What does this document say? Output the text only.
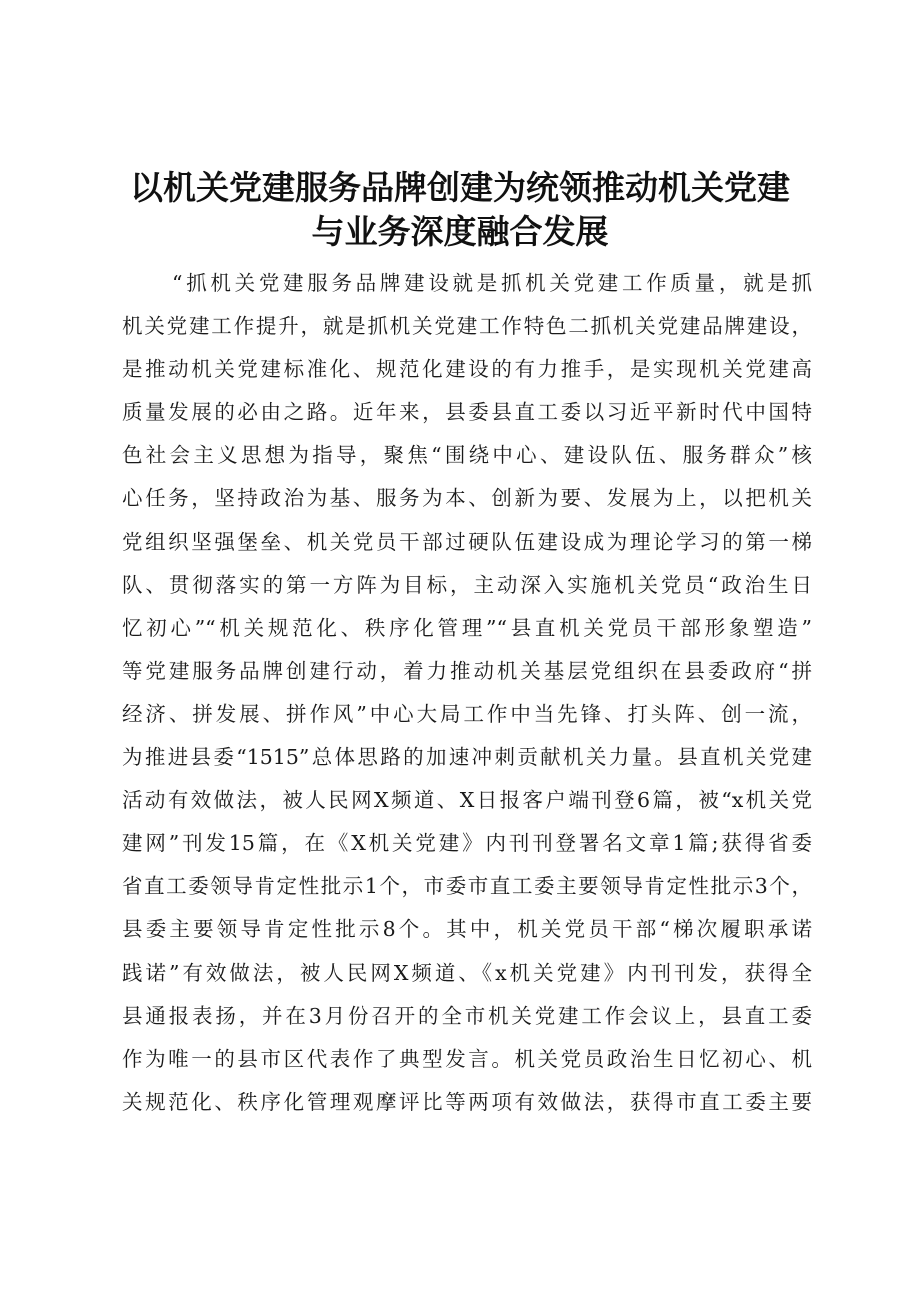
以机关党建服务品牌创建为统领推动机关党建
与业务深度融合发展
“抓机关党建服务品牌建设就是抓机关党建工作质量，就是抓
机关党建工作提升，就是抓机关党建工作特色二抓机关党建品牌建设，
是推动机关党建标准化、规范化建设的有力推手，是实现机关党建高
质量发展的必由之路。近年来，县委县直工委以习近平新时代中国特
色社会主义思想为指导，聚焦“围绕中心、建设队伍、服务群众”核
心任务，坚持政治为基、服务为本、创新为要、发展为上，以把机关
党组织坚强堡垒、机关党员干部过硬队伍建设成为理论学习的第一梯
队、贯彻落实的第一方阵为目标，主动深入实施机关党员“政治生日
忆初心”“机关规范化、秩序化管理”“县直机关党员干部形象塑造”
等党建服务品牌创建行动，着力推动机关基层党组织在县委政府“拼
经济、拼发展、拼作风”中心大局工作中当先锋、打头阵、创一流，
为推进县委“1515”总体思路的加速冲刺贡献机关力量。县直机关党建
活动有效做法，被人民网X频道、X日报客户端刊登6篇，被“x机关党
建网”刊发15篇，在《X机关党建》内刊刊登署名文章1篇;获得省委
省直工委领导肯定性批示1个，市委市直工委主要领导肯定性批示3个，
县委主要领导肯定性批示8个。其中，机关党员干部“梯次履职承诺
践诺”有效做法，被人民网X频道、《x机关党建》内刊刊发，获得全
县通报表扬，并在3月份召开的全市机关党建工作会议上，县直工委
作为唯一的县市区代表作了典型发言。机关党员政治生日忆初心、机
关规范化、秩序化管理观摩评比等两项有效做法，获得市直工委主要
